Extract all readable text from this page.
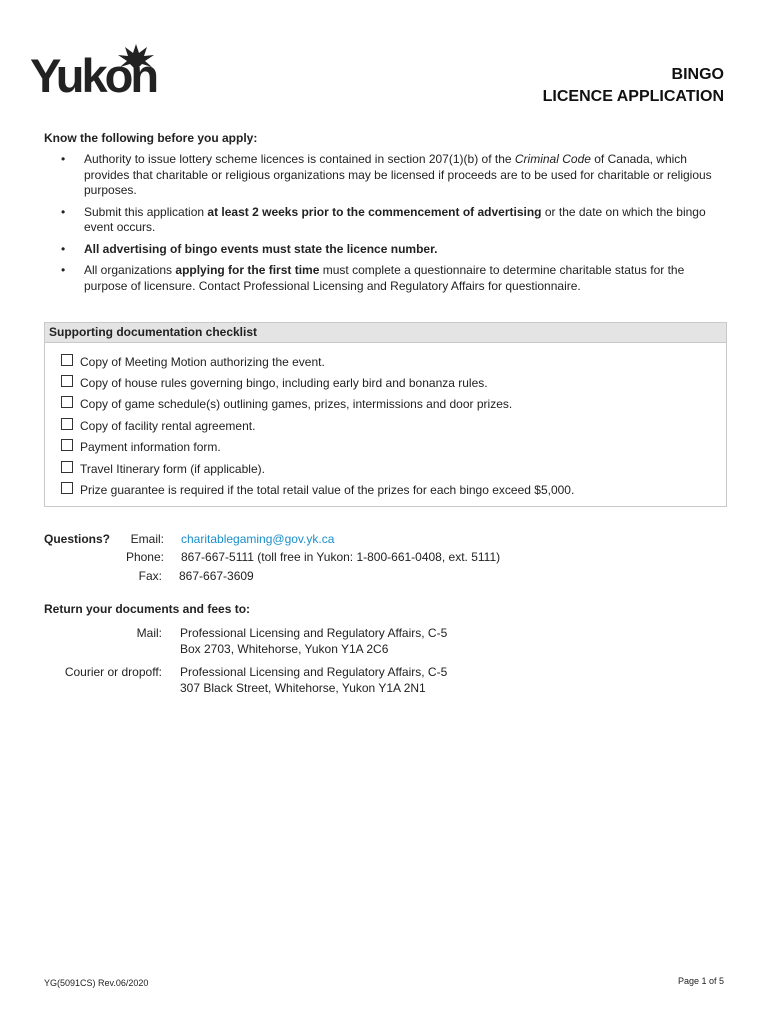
Yukon	BINGO
LICENCE APPLICATION
Know the following before you apply:
• Authority to issue lottery scheme licences is contained in section 207(1)(b) of the Criminal Code of Canada, which provides that charitable or religious organizations may be licensed if proceeds are to be used for charitable or religious purposes.
• Submit this application at least 2 weeks prior to the commencement of advertising or the date on which the bingo event occurs.
• All advertising of bingo events must state the licence number.
• All organizations applying for the first time must complete a questionnaire to determine charitable status for the purpose of licensure. Contact Professional Licensing and Regulatory Affairs for questionnaire.
Supporting documentation checklist
Copy of Meeting Motion authorizing the event.
Copy of house rules governing bingo, including early bird and bonanza rules.
Copy of game schedule(s) outlining games, prizes, intermissions and door prizes.
Copy of facility rental agreement.
Payment information form.
Travel Itinerary form (if applicable).
Prize guarantee is required if the total retail value of the prizes for each bingo exceed $5,000.
Questions?	Email: charitablegaming@gov.yk.ca
Phone: 867-667-5111 (toll free in Yukon: 1-800-661-0408, ext. 5111)
Fax: 867-667-3609
Return your documents and fees to:
Mail: Professional Licensing and Regulatory Affairs, C-5
Box 2703, Whitehorse, Yukon Y1A 2C6
Courier or dropoff: Professional Licensing and Regulatory Affairs, C-5
307 Black Street, Whitehorse, Yukon Y1A 2N1
YG(5091CS) Rev.06/2020	Page 1 of 5
